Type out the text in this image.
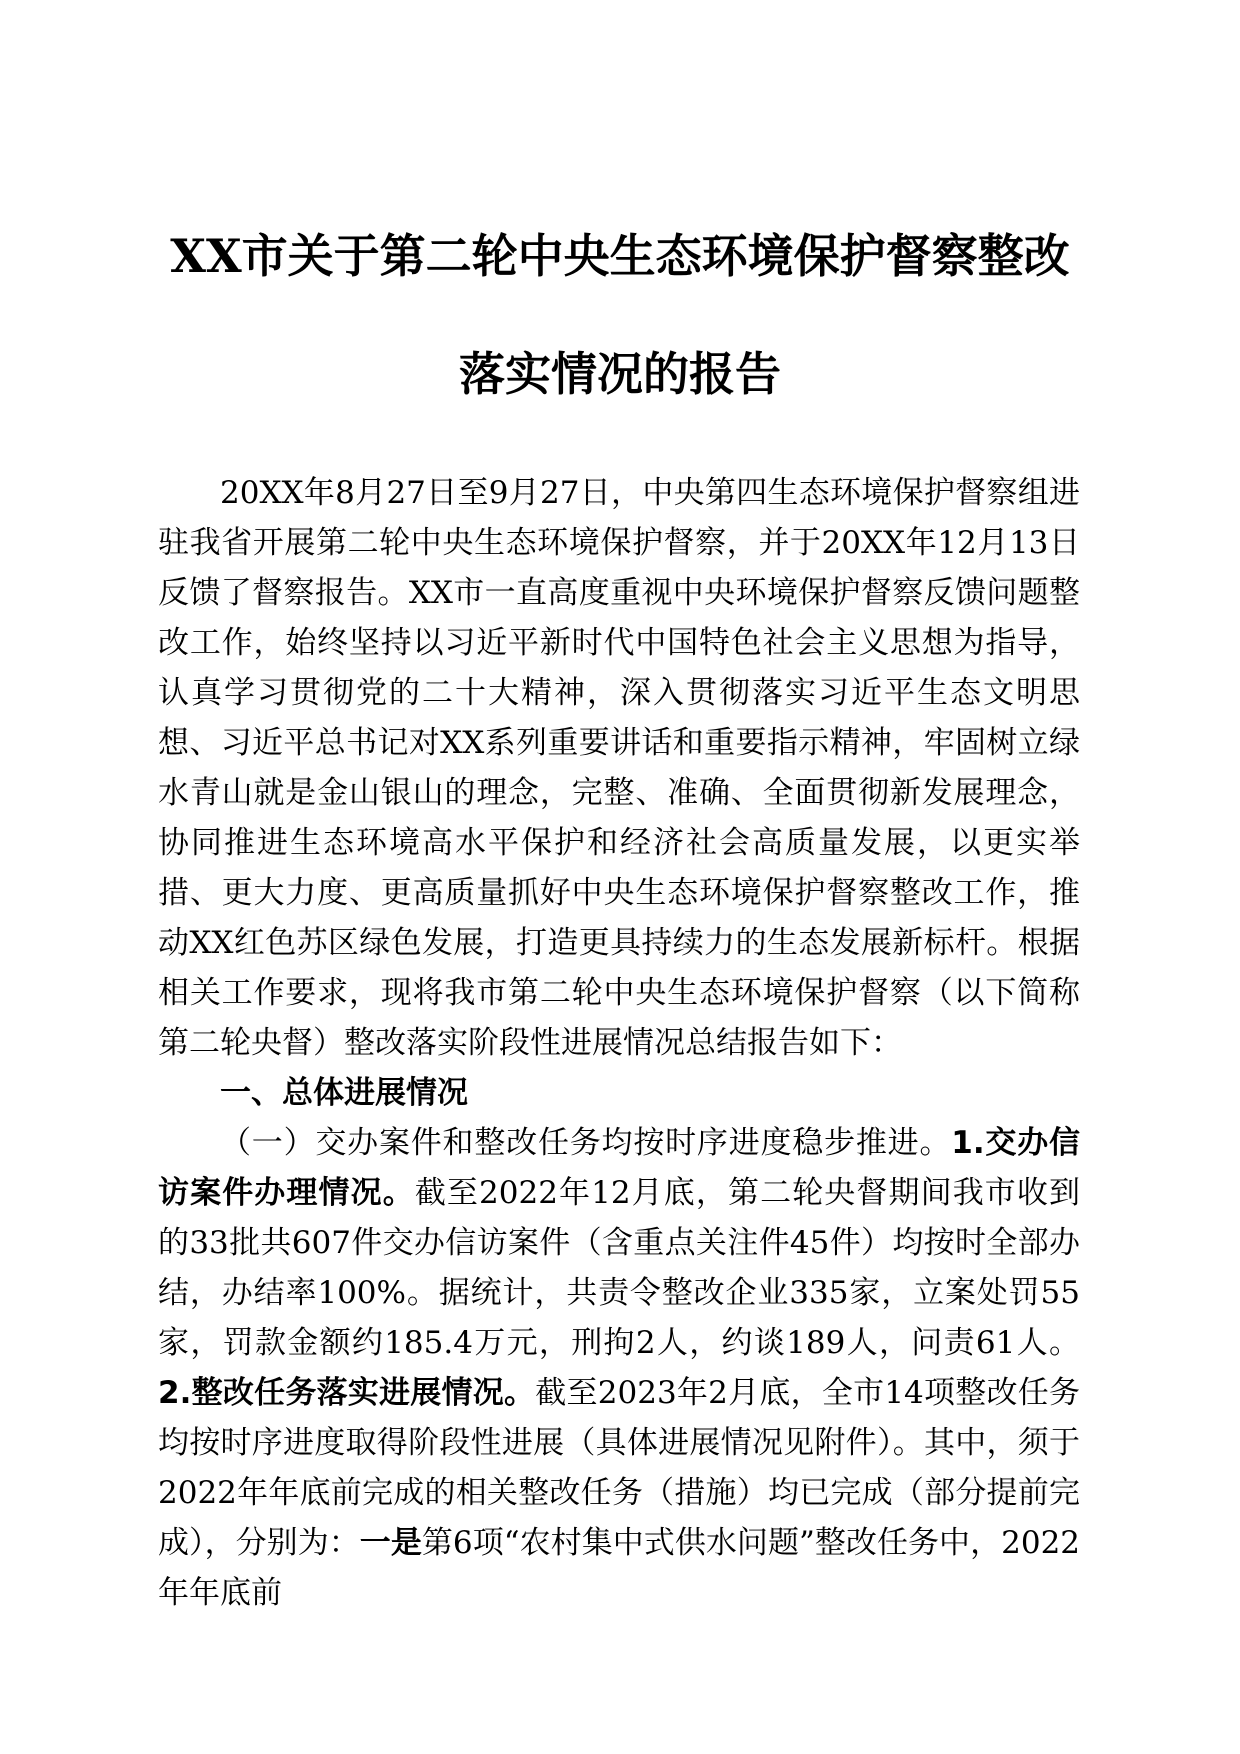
XX市关于第二轮中央生态环境保护督察整改
落实情况的报告

20XX年8月27日至9月27日，中央第四生态环境保护督察组进驻我省开展第二轮中央生态环境保护督察，并于20XX年12月13日反馈了督察报告。XX市一直高度重视中央环境保护督察反馈问题整改工作，始终坚持以习近平新时代中国特色社会主义思想为指导，认真学习贯彻党的二十大精神，深入贯彻落实习近平生态文明思想、习近平总书记对XX系列重要讲话和重要指示精神，牢固树立绿水青山就是金山银山的理念，完整、准确、全面贯彻新发展理念，协同推进生态环境高水平保护和经济社会高质量发展，以更实举措、更大力度、更高质量抓好中央生态环境保护督察整改工作，推动XX红色苏区绿色发展，打造更具持续力的生态发展新标杆。根据相关工作要求，现将我市第二轮中央生态环境保护督察（以下简称第二轮央督）整改落实阶段性进展情况总结报告如下：

一、总体进展情况

（一）交办案件和整改任务均按时序进度稳步推进。1.交办信访案件办理情况。截至2022年12月底，第二轮央督期间我市收到的33批共607件交办信访案件（含重点关注件45件）均按时全部办结，办结率100%。据统计，共责令整改企业335家，立案处罚55家，罚款金额约185.4万元，刑拘2人，约谈189人，问责61人。2.整改任务落实进展情况。截至2023年2月底，全市14项整改任务均按时序进度取得阶段性进展（具体进展情况见附件）。其中，须于2022年年底前完成的相关整改任务（措施）均已完成（部分提前完成），分别为：一是第6项“农村集中式供水问题”整改任务中，2022年年底前
